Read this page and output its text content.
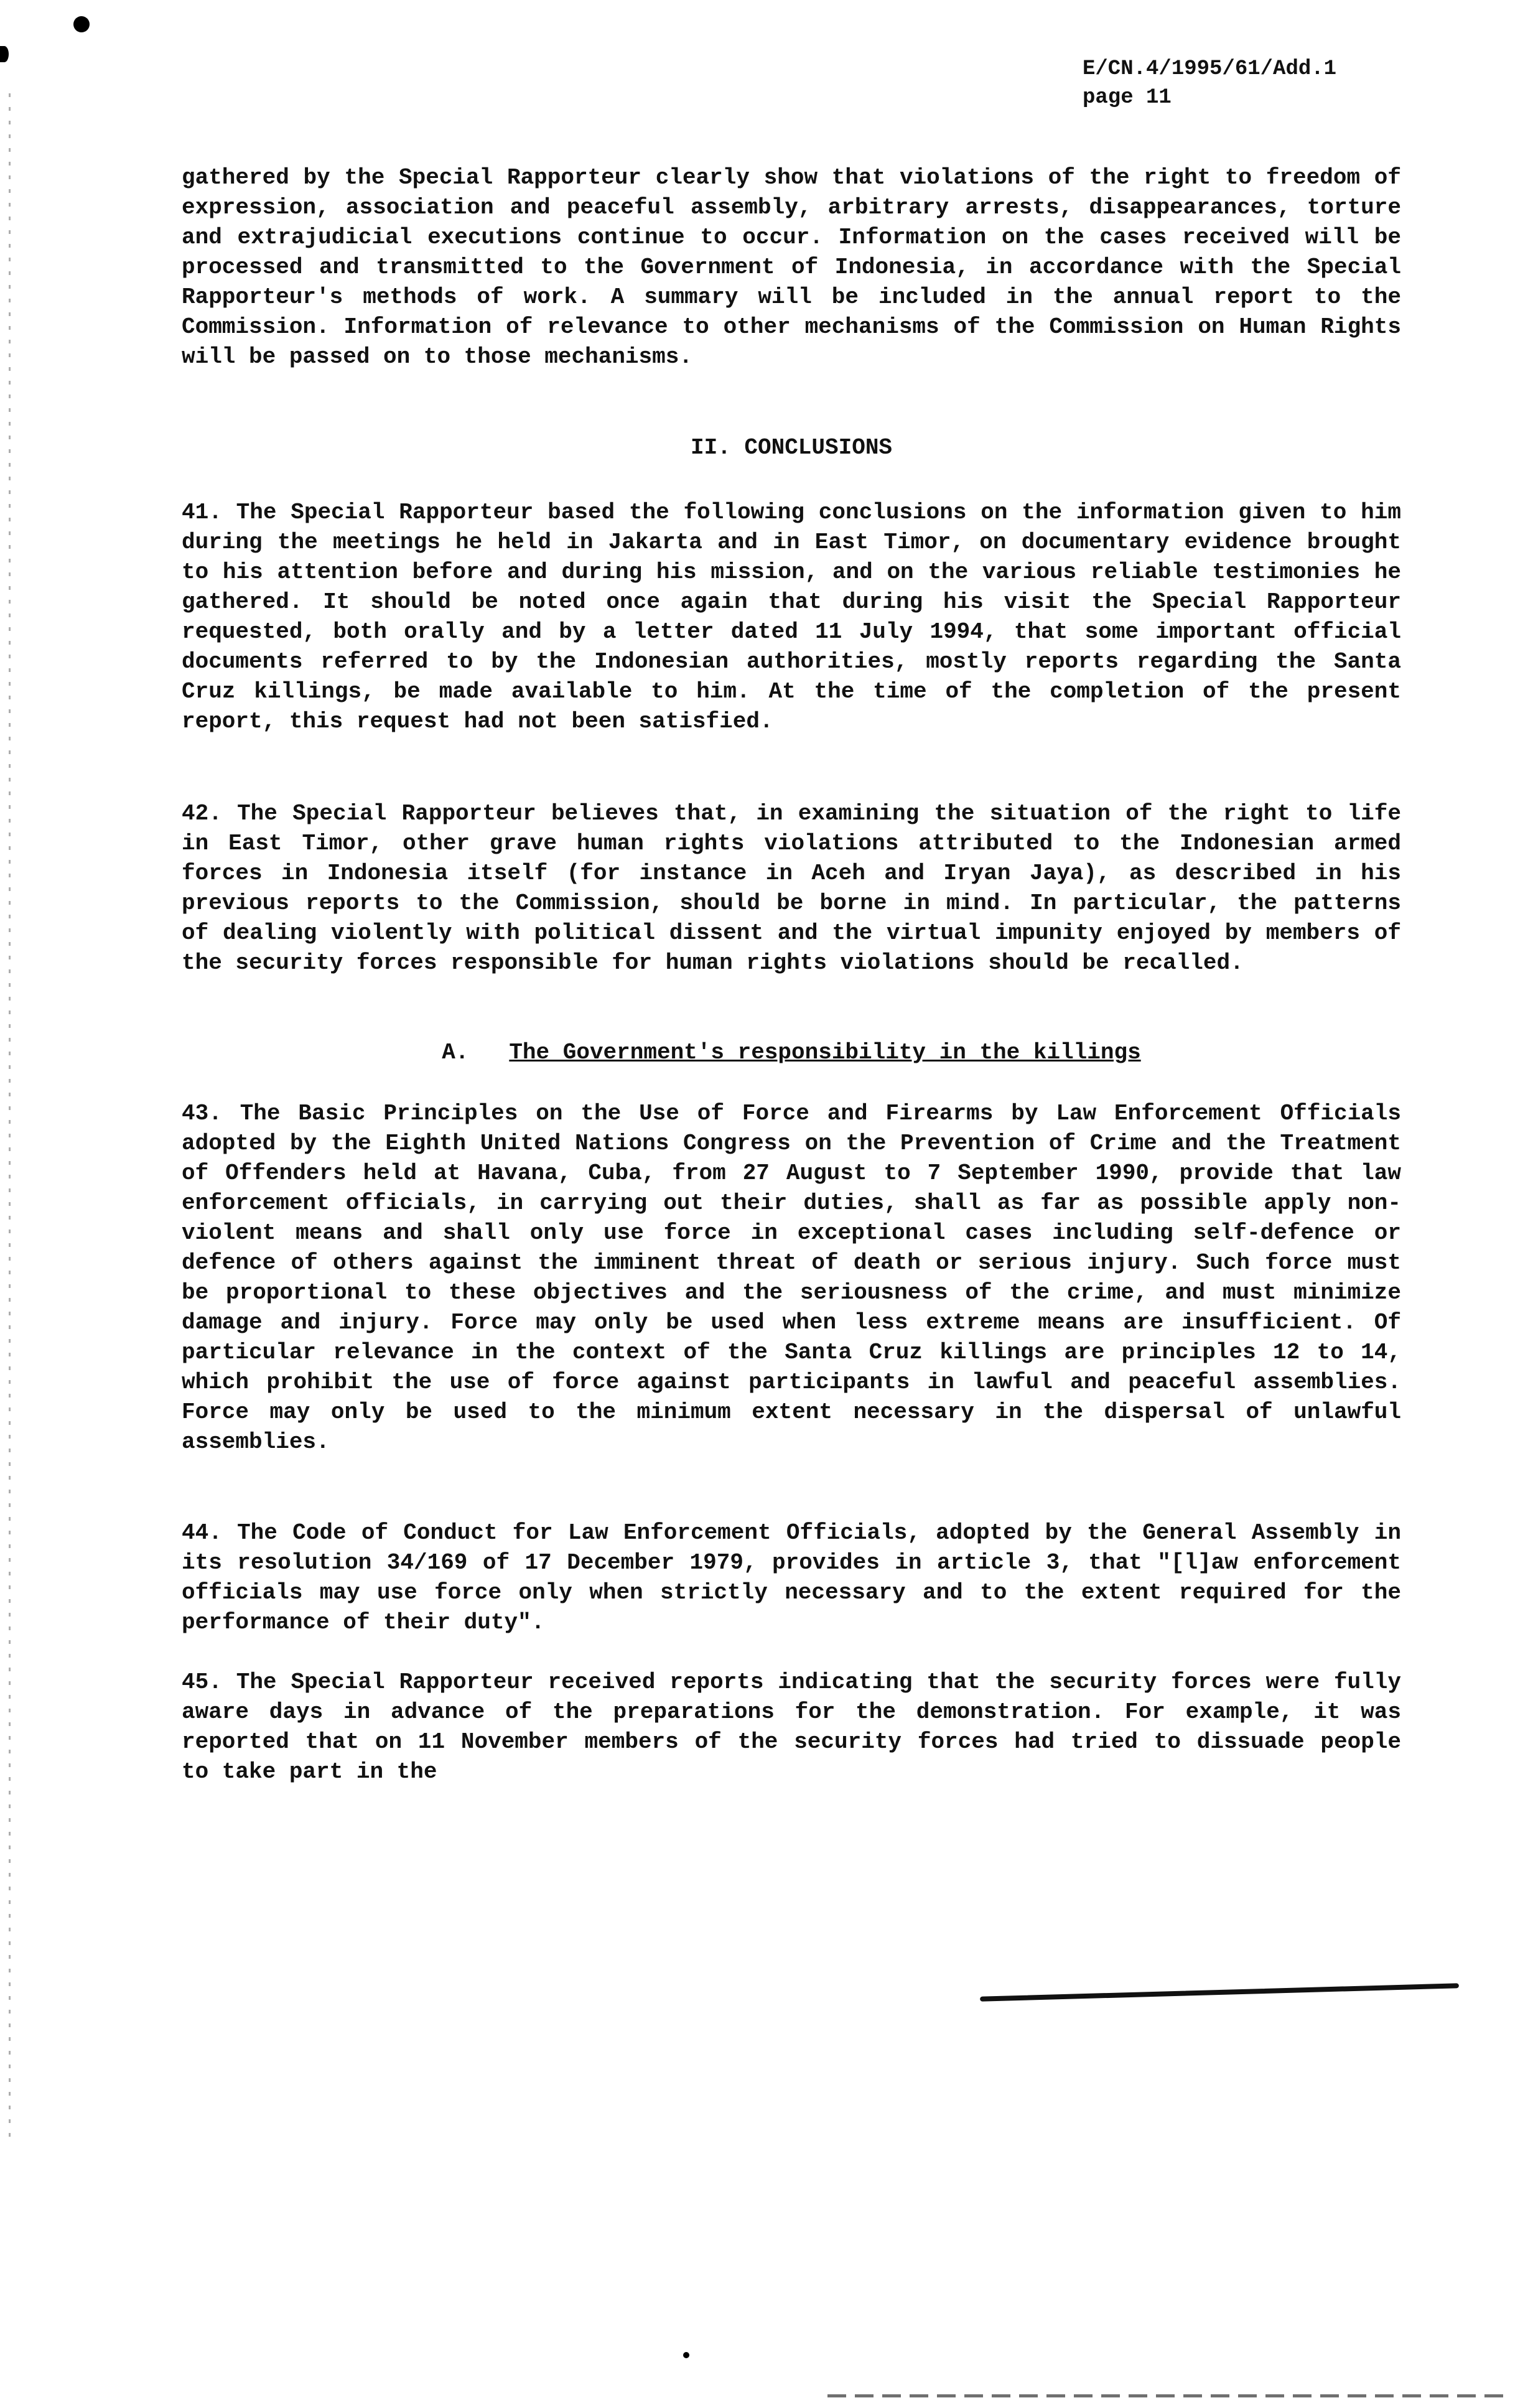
E/CN.4/1995/61/Add.1
page 11

gathered by the Special Rapporteur clearly show that violations of the right to freedom of expression, association and peaceful assembly, arbitrary arrests, disappearances, torture and extrajudicial executions continue to occur. Information on the cases received will be processed and transmitted to the Government of Indonesia, in accordance with the Special Rapporteur's methods of work. A summary will be included in the annual report to the Commission. Information of relevance to other mechanisms of the Commission on Human Rights will be passed on to those mechanisms.

II. CONCLUSIONS

41. The Special Rapporteur based the following conclusions on the information given to him during the meetings he held in Jakarta and in East Timor, on documentary evidence brought to his attention before and during his mission, and on the various reliable testimonies he gathered. It should be noted once again that during his visit the Special Rapporteur requested, both orally and by a letter dated 11 July 1994, that some important official documents referred to by the Indonesian authorities, mostly reports regarding the Santa Cruz killings, be made available to him. At the time of the completion of the present report, this request had not been satisfied.

42. The Special Rapporteur believes that, in examining the situation of the right to life in East Timor, other grave human rights violations attributed to the Indonesian armed forces in Indonesia itself (for instance in Aceh and Iryan Jaya), as described in his previous reports to the Commission, should be borne in mind. In particular, the patterns of dealing violently with political dissent and the virtual impunity enjoyed by members of the security forces responsible for human rights violations should be recalled.

A. The Government's responsibility in the killings

43. The Basic Principles on the Use of Force and Firearms by Law Enforcement Officials adopted by the Eighth United Nations Congress on the Prevention of Crime and the Treatment of Offenders held at Havana, Cuba, from 27 August to 7 September 1990, provide that law enforcement officials, in carrying out their duties, shall as far as possible apply non-violent means and shall only use force in exceptional cases including self-defence or defence of others against the imminent threat of death or serious injury. Such force must be proportional to these objectives and the seriousness of the crime, and must minimize damage and injury. Force may only be used when less extreme means are insufficient. Of particular relevance in the context of the Santa Cruz killings are principles 12 to 14, which prohibit the use of force against participants in lawful and peaceful assemblies. Force may only be used to the minimum extent necessary in the dispersal of unlawful assemblies.

44. The Code of Conduct for Law Enforcement Officials, adopted by the General Assembly in its resolution 34/169 of 17 December 1979, provides in article 3, that "[l]aw enforcement officials may use force only when strictly necessary and to the extent required for the performance of their duty".

45. The Special Rapporteur received reports indicating that the security forces were fully aware days in advance of the preparations for the demonstration. For example, it was reported that on 11 November members of the security forces had tried to dissuade people to take part in the
